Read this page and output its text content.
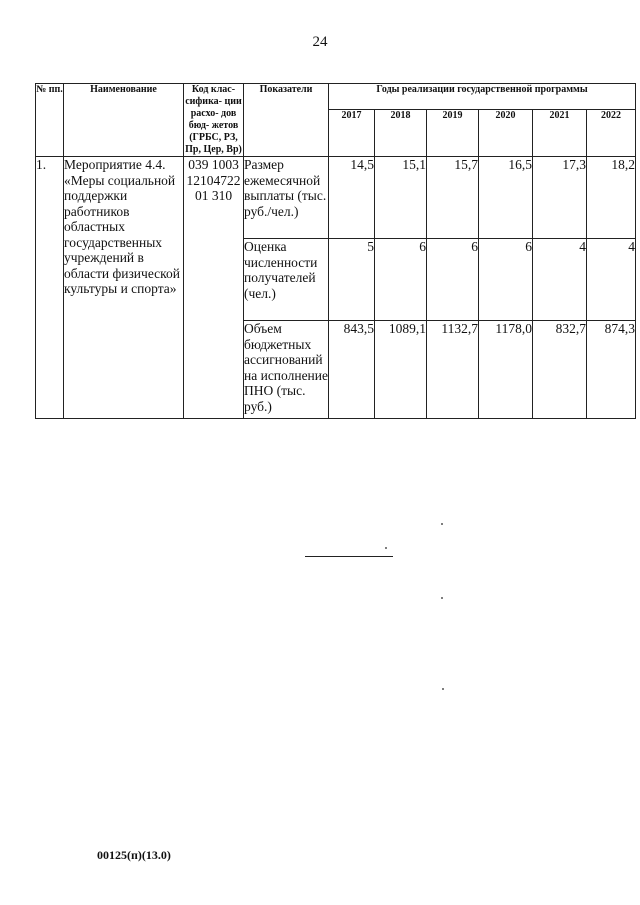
24
№ пп.	Наименование	Код клас- сифика- ции расхо- дов бюд- жетов (ГРБС, РЗ, Пр, Цер, Вр)	Показатели	Годы реализации государственной программы					
				2017	2018	2019	2020	2021	2022
1.	Мероприятие 4.4. «Меры социальной поддержки работников областных государственных учреждений в области физической культуры и спорта»	039 1003 12104722 01 310	Размер ежемесячной выплаты (тыс. руб./чел.)	14,5	15,1	15,7	16,5	17,3	18,2
			Оценка численности получателей (чел.)	5	6	6	6	4	4
			Объем бюджетных ассигнований на исполнение ПНО (тыс. руб.)	843,5	1089,1	1132,7	1178,0	832,7	874,3
00125(п)(13.0)
